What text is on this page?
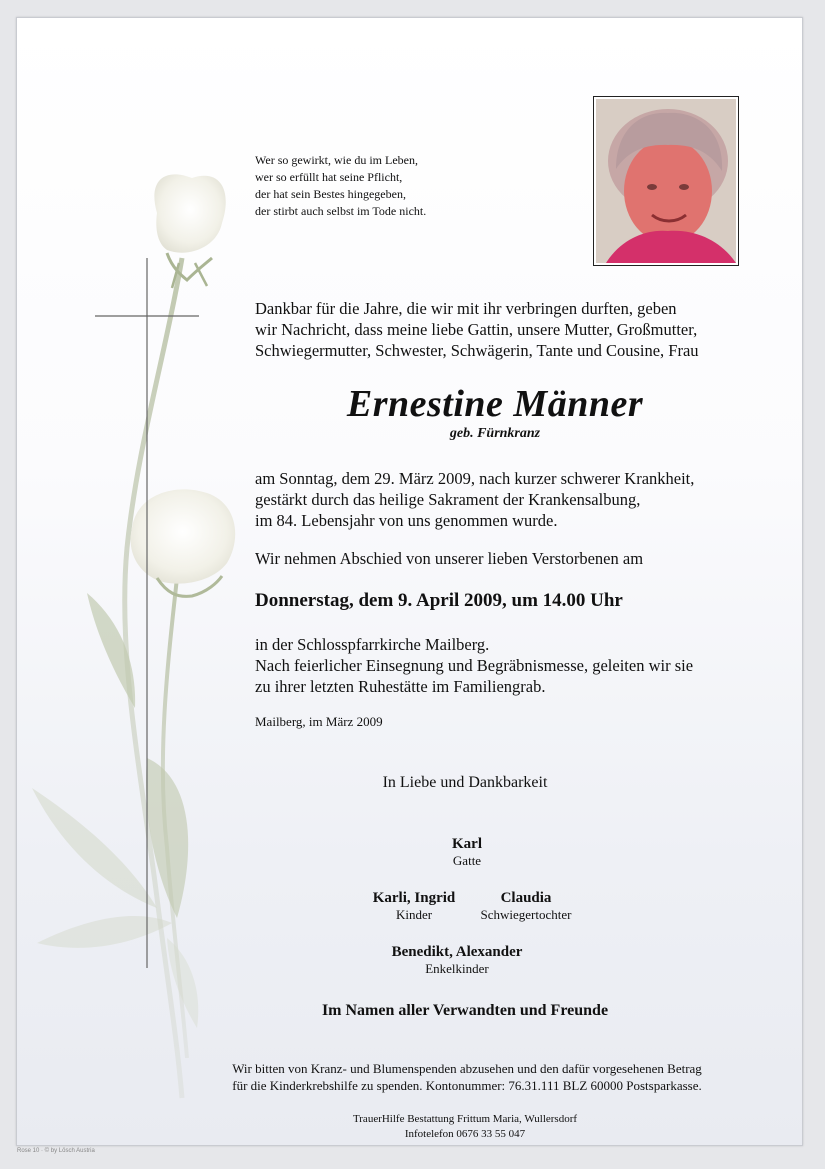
Wer so gewirkt, wie du im Leben,
wer so erfüllt hat seine Pflicht,
der hat sein Bestes hingegeben,
der stirbt auch selbst im Tode nicht.
Dankbar für die Jahre, die wir mit ihr verbringen durften, geben
wir Nachricht, dass meine liebe Gattin, unsere Mutter, Großmutter,
Schwiegermutter, Schwester, Schwägerin, Tante und Cousine, Frau
Ernestine Männer
geb. Fürnkranz
am Sonntag, dem 29. März 2009, nach kurzer schwerer Krankheit,
gestärkt durch das heilige Sakrament der Krankensalbung,
im 84. Lebensjahr von uns genommen wurde.
Wir nehmen Abschied von unserer lieben Verstorbenen am
Donnerstag, dem 9. April 2009, um 14.00 Uhr
in der Schlosspfarrkirche Mailberg.
Nach feierlicher Einsegnung und Begräbnismesse, geleiten wir sie
zu ihrer letzten Ruhestätte im Familiengrab.
Mailberg, im März 2009
In Liebe und Dankbarkeit
Karl
Gatte
Karli, Ingrid
Kinder
Claudia
Schwiegertochter
Benedikt, Alexander
Enkelkinder
Im Namen aller Verwandten und Freunde
Wir bitten von Kranz- und Blumenspenden abzusehen und den dafür vorgesehenen Betrag
für die Kinderkrebshilfe zu spenden. Kontonummer: 76.31.111 BLZ 60000 Postsparkasse.
TrauerHilfe Bestattung Frittum Maria, Wullersdorf
Infotelefon 0676 33 55 047
Rose 10 · © by Lösch Austria
